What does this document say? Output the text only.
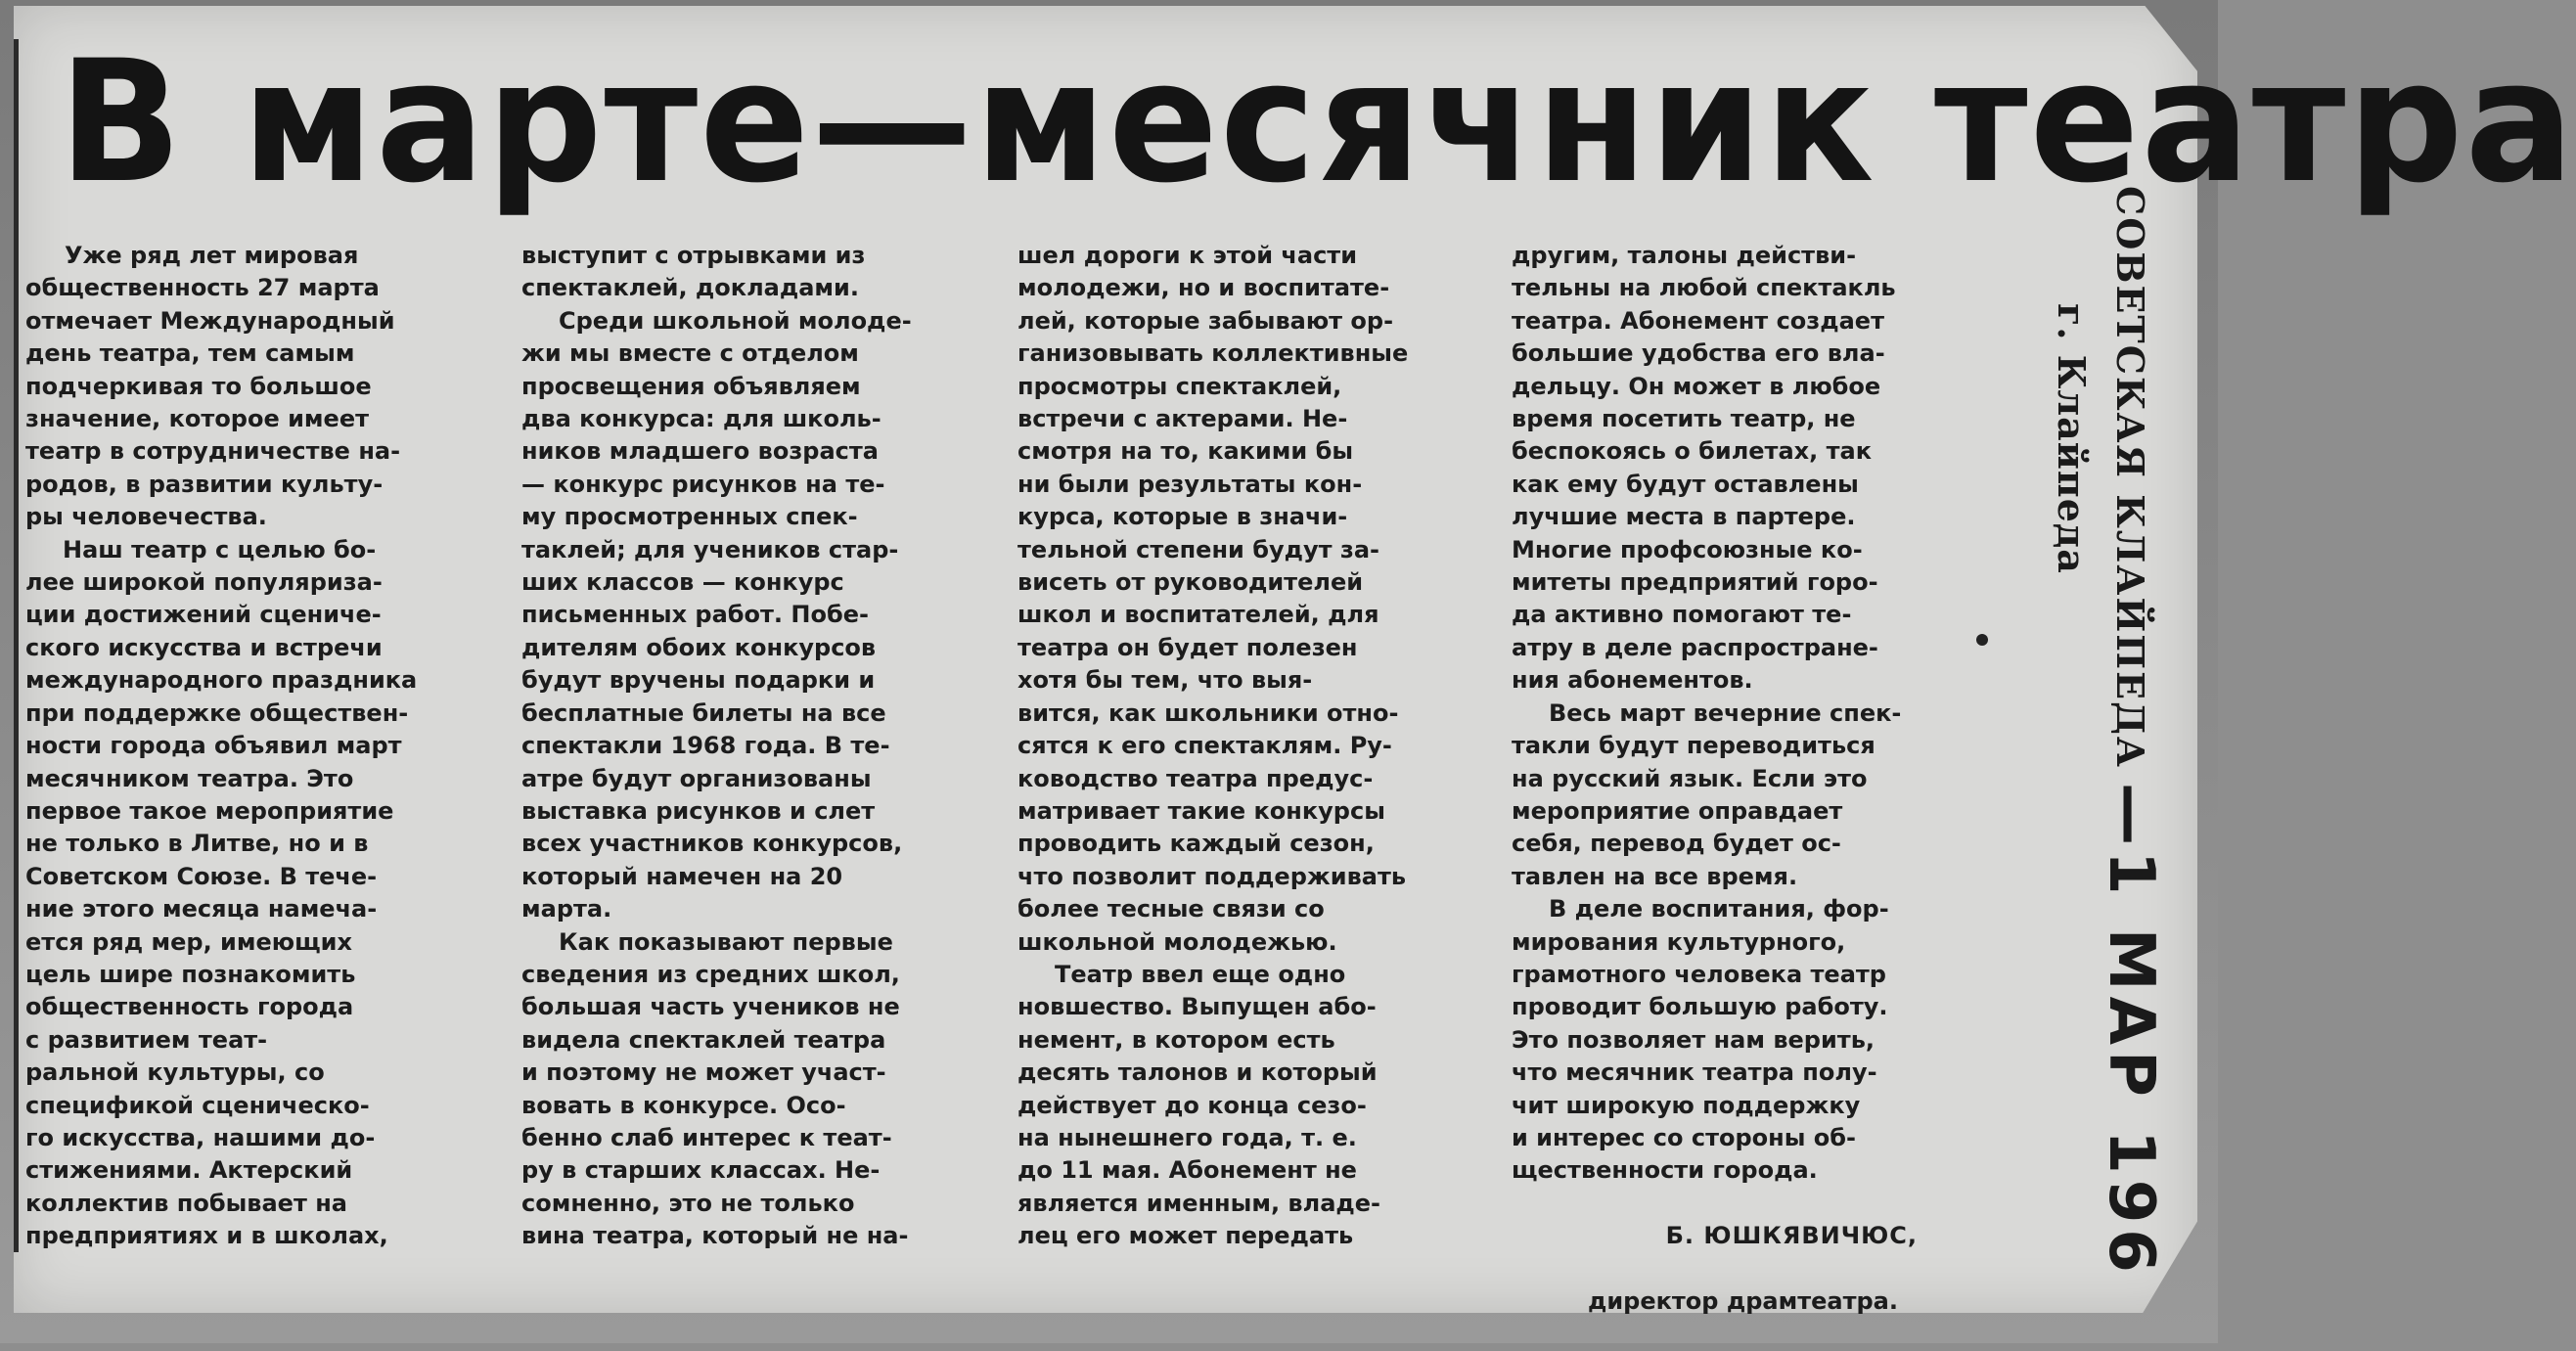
В марте—месячник театра

Уже ряд лет мировая
общественность 27 марта
отмечает Международный
день театра, тем самым
подчеркивая то большое
значение, которое имеет
театр в сотрудничестве на-
родов, в развитии культу-
ры человечества.

Наш театр с целью бо-
лее широкой популяриза-
ции достижений сцениче-
ского искусства и встречи
международного праздника
при поддержке обществен-
ности города объявил март
месячником театра. Это
первое такое мероприятие
не только в Литве, но и в
Советском Союзе. В тече-
ние этого месяца намеча-
ется ряд мер, имеющих
цель шире познакомить
общественность города
с развитием теат-
ральной культуры, со
спецификой сценическо-
го искусства, нашими до-
стижениями. Актерский
коллектив побывает на
предприятиях и в школах,

выступит с отрывками из
спектаклей, докладами.

Среди школьной молоде-
жи мы вместе с отделом
просвещения объявляем
два конкурса: для школь-
ников младшего возраста
— конкурс рисунков на те-
му просмотренных спек-
таклей; для учеников стар-
ших классов — конкурс
письменных работ. Побе-
дителям обоих конкурсов
будут вручены подарки и
бесплатные билеты на все
спектакли 1968 года. В те-
атре будут организованы
выставка рисунков и слет
всех участников конкурсов,
который намечен на 20
марта.

Как показывают первые
сведения из средних школ,
большая часть учеников не
видела спектаклей театра
и поэтому не может участ-
вовать в конкурсе. Осо-
бенно слаб интерес к теат-
ру в старших классах. Не-
сомненно, это не только
вина театра, который не на-

шел дороги к этой части
молодежи, но и воспитате-
лей, которые забывают ор-
ганизовывать коллективные
просмотры спектаклей,
встречи с актерами. Не-
смотря на то, какими бы
ни были результаты кон-
курса, которые в значи-
тельной степени будут за-
висеть от руководителей
школ и воспитателей, для
театра он будет полезен
хотя бы тем, что выя-
вится, как школьники отно-
сятся к его спектаклям. Ру-
ководство театра предус-
матривает такие конкурсы
проводить каждый сезон,
что позволит поддерживать
более тесные связи со
школьной молодежью.

Театр ввел еще одно
новшество. Выпущен або-
немент, в котором есть
десять талонов и который
действует до конца сезо-
на нынешнего года, т. е.
до 11 мая. Абонемент не
является именным, владе-
лец его может передать

другим, талоны действи-
тельны на любой спектакль
театра. Абонемент создает
большие удобства его вла-
дельцу. Он может в любое
время посетить театр, не
беспокоясь о билетах, так
как ему будут оставлены
лучшие места в партере.
Многие профсоюзные ко-
митеты предприятий горо-
да активно помогают те-
атру в деле распростране-
ния абонементов.

Весь март вечерние спек-
такли будут переводиться
на русский язык. Если это
мероприятие оправдает
себя, перевод будет ос-
тавлен на все время.

В деле воспитания, фор-
мирования культурного,
грамотного человека театр
проводит большую работу.
Это позволяет нам верить,
что месячник театра полу-
чит широкую поддержку
и интерес со стороны об-
щественности города.

Б. ЮШКЯВИЧЮС,

директор драмтеатра.

СОВЕТСКАЯ КЛАЙПЕДА
г. Клайпеда
—1 МАР 196
